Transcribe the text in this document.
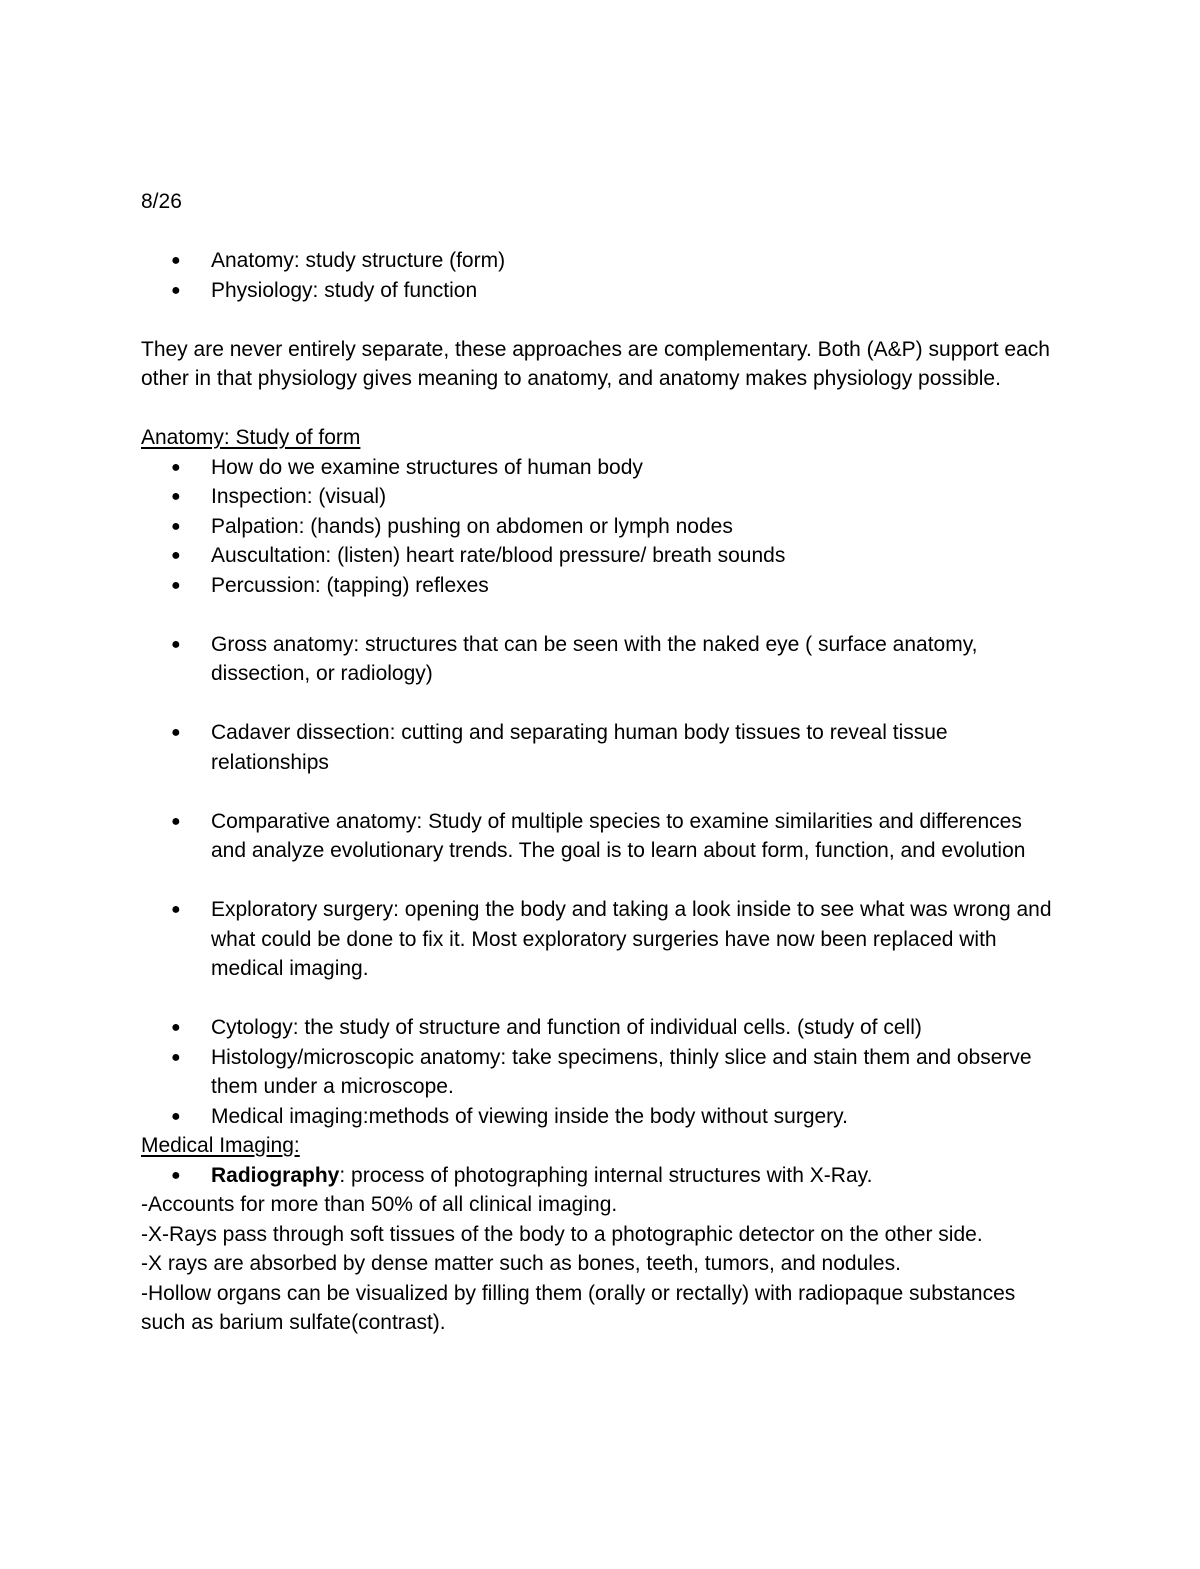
8/26

● Anatomy: study structure (form)
● Physiology: study of function

They are never entirely separate, these approaches are complementary. Both (A&P) support each other in that physiology gives meaning to anatomy, and anatomy makes physiology possible.

Anatomy: Study of form

● How do we examine structures of human body
● Inspection: (visual)
● Palpation: (hands) pushing on abdomen or lymph nodes
● Auscultation: (listen) heart rate/blood pressure/ breath sounds
● Percussion: (tapping) reflexes
● Gross anatomy: structures that can be seen with the naked eye ( surface anatomy, dissection, or radiology)
● Cadaver dissection: cutting and separating human body tissues to reveal tissue relationships
● Comparative anatomy: Study of multiple species to examine similarities and differences and analyze evolutionary trends. The goal is to learn about form, function, and evolution
● Exploratory surgery: opening the body and taking a look inside to see what was wrong and what could be done to fix it. Most exploratory surgeries have now been replaced with medical imaging.
● Cytology: the study of structure and function of individual cells. (study of cell)
● Histology/microscopic anatomy: take specimens, thinly slice and stain them and observe them under a microscope.
● Medical imaging:methods of viewing inside the body without surgery.

Medical Imaging:

● Radiography: process of photographing internal structures with X-Ray.

-Accounts for more than 50% of all clinical imaging.

-X-Rays pass through soft tissues of the body to a photographic detector on the other side.

-X rays are absorbed by dense matter such as bones, teeth, tumors, and nodules.

-Hollow organs can be visualized by filling them (orally or rectally) with radiopaque substances such as barium sulfate(contrast).
